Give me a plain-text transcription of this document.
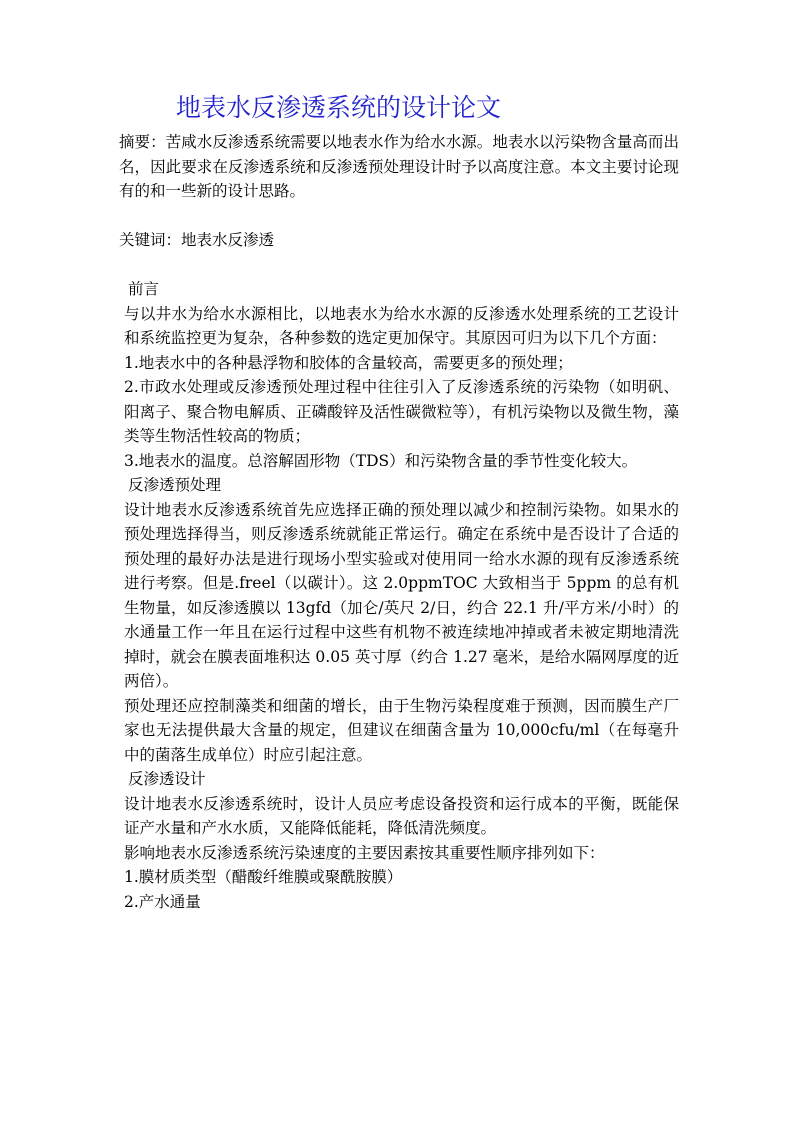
地表水反渗透系统的设计论文

摘要：苦咸水反渗透系统需要以地表水作为给水水源。地表水以污染物含量高而出名，因此要求在反渗透系统和反渗透预处理设计时予以高度注意。本文主要讨论现有的和一些新的设计思路。

关键词：地表水反渗透

前言

与以井水为给水水源相比，以地表水为给水水源的反渗透水处理系统的工艺设计和系统监控更为复杂，各种参数的选定更加保守。其原因可归为以下几个方面：

1.地表水中的各种悬浮物和胶体的含量较高，需要更多的预处理；

2.市政水处理或反渗透预处理过程中往往引入了反渗透系统的污染物（如明矾、阳离子、聚合物电解质、正磷酸锌及活性碳微粒等），有机污染物以及微生物，藻类等生物活性较高的物质；

3.地表水的温度。总溶解固形物（TDS）和污染物含量的季节性变化较大。

反渗透预处理

设计地表水反渗透系统首先应选择正确的预处理以减少和控制污染物。如果水的预处理选择得当，则反渗透系统就能正常运行。确定在系统中是否设计了合适的预处理的最好办法是进行现场小型实验或对使用同一给水水源的现有反渗透系统进行考察。但是.freel（以碳计）。这 2.0ppmTOC 大致相当于 5ppm 的总有机生物量，如反渗透膜以 13gfd（加仑/英尺 2/日，约合 22.1 升/平方米/小时）的水通量工作一年且在运行过程中这些有机物不被连续地冲掉或者未被定期地清洗掉时，就会在膜表面堆积达 0.05 英寸厚（约合 1.27 毫米，是给水隔网厚度的近两倍）。

预处理还应控制藻类和细菌的增长，由于生物污染程度难于预测，因而膜生产厂家也无法提供最大含量的规定，但建议在细菌含量为 10,000cfu/ml（在每毫升中的菌落生成单位）时应引起注意。

反渗透设计

设计地表水反渗透系统时，设计人员应考虑设备投资和运行成本的平衡，既能保证产水量和产水水质，又能降低能耗，降低清洗频度。

影响地表水反渗透系统污染速度的主要因素按其重要性顺序排列如下：

1.膜材质类型（醋酸纤维膜或聚酰胺膜）

2.产水通量
